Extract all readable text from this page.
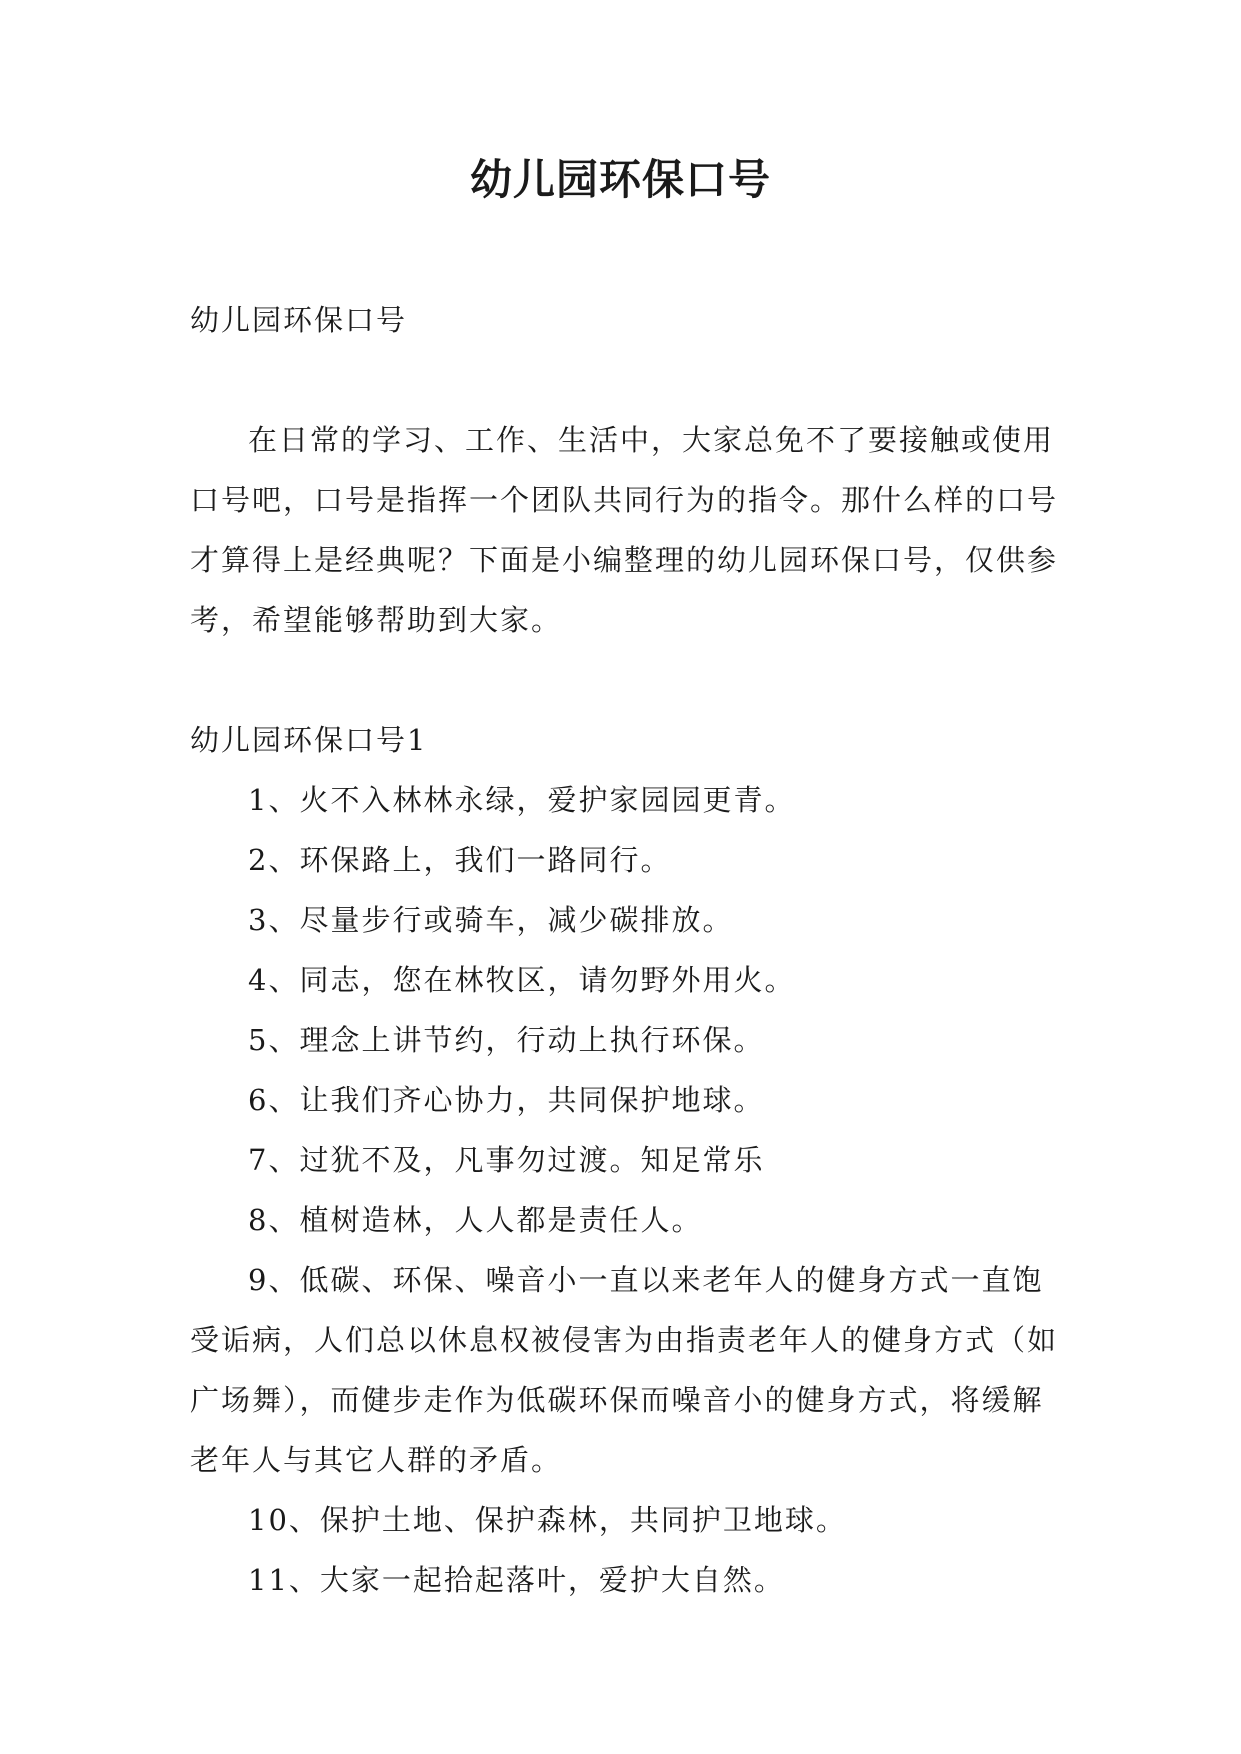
幼儿园环保口号

幼儿园环保口号

在日常的学习、工作、生活中，大家总免不了要接触或使用口号吧，口号是指挥一个团队共同行为的指令。那什么样的口号才算得上是经典呢？下面是小编整理的幼儿园环保口号，仅供参考，希望能够帮助到大家。

幼儿园环保口号1

1、火不入林林永绿，爱护家园园更青。

2、环保路上，我们一路同行。

3、尽量步行或骑车，减少碳排放。

4、同志，您在林牧区，请勿野外用火。

5、理念上讲节约，行动上执行环保。

6、让我们齐心协力，共同保护地球。

7、过犹不及，凡事勿过渡。知足常乐

8、植树造林，人人都是责任人。

9、低碳、环保、噪音小一直以来老年人的健身方式一直饱受诟病，人们总以休息权被侵害为由指责老年人的健身方式（如广场舞），而健步走作为低碳环保而噪音小的健身方式，将缓解老年人与其它人群的矛盾。

10、保护土地、保护森林，共同护卫地球。

11、大家一起拾起落叶，爱护大自然。
